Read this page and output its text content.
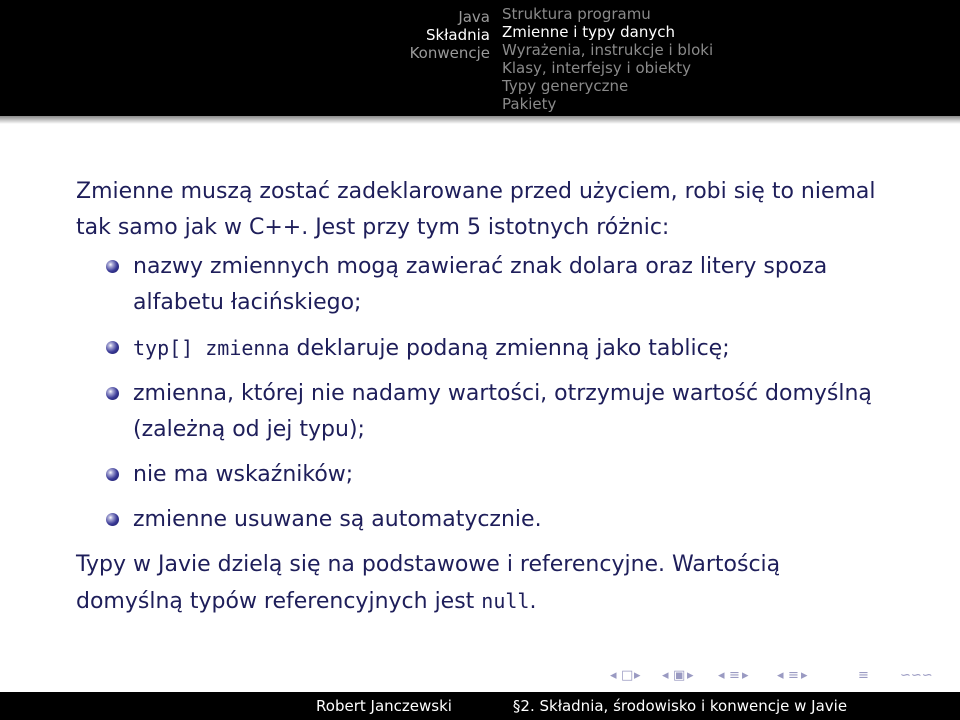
Java
Składnia
Konwencje
Struktura programu
Zmienne i typy danych
Wyrażenia, instrukcje i bloki
Klasy, interfejsy i obiekty
Typy generyczne
Pakiety

Zmienne muszą zostać zadeklarowane przed użyciem, robi się to niemal tak samo jak w C++. Jest przy tym 5 istotnych różnic:

nazwy zmiennych mogą zawierać znak dolara oraz litery spoza alfabetu łacińskiego;
typ[] zmienna deklaruje podaną zmienną jako tablicę;
zmienna, której nie nadamy wartości, otrzymuje wartość domyślną (zależną od jej typu);
nie ma wskaźników;
zmienne usuwane są automatycznie.

Typy w Javie dzielą się na podstawowe i referencyjne. Wartością domyślną typów referencyjnych jest null.

◂ □ ▸ ◂ ▣ ▸ ◂ ≡ ▸ ◂ ≡ ▸	≡ ∽∽∽
Robert Janczewski	§2. Składnia, środowisko i konwencje w Javie
